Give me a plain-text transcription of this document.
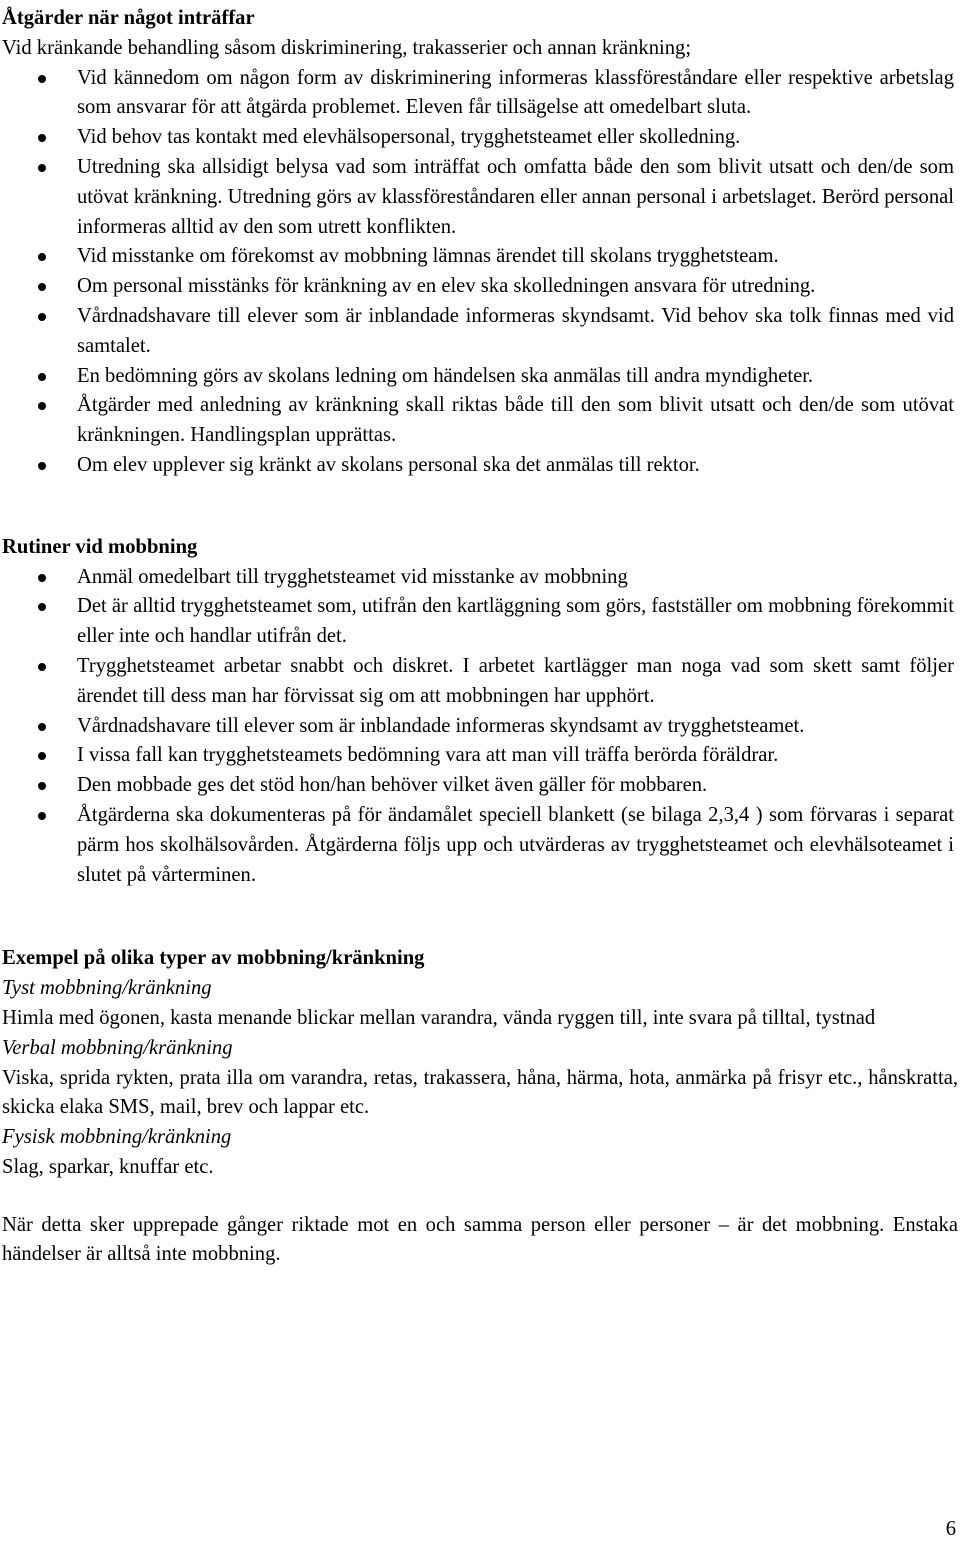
Åtgärder när något inträffar

Vid kränkande behandling såsom diskriminering, trakasserier och annan kränkning;

Vid kännedom om någon form av diskriminering informeras klassföreståndare eller respektive arbetslag som ansvarar för att åtgärda problemet. Eleven får tillsägelse att omedelbart sluta.
Vid behov tas kontakt med elevhälsopersonal, trygghetsteamet eller skolledning.
Utredning ska allsidigt belysa vad som inträffat och omfatta både den som blivit utsatt och den/de som utövat kränkning. Utredning görs av klassföreståndaren eller annan personal i arbetslaget. Berörd personal informeras alltid av den som utrett konflikten.
Vid misstanke om förekomst av mobbning lämnas ärendet till skolans trygghetsteam.
Om personal misstänks för kränkning av en elev ska skolledningen ansvara för utredning.
Vårdnadshavare till elever som är inblandade informeras skyndsamt. Vid behov ska tolk finnas med vid samtalet.
En bedömning görs av skolans ledning om händelsen ska anmälas till andra myndigheter.
Åtgärder med anledning av kränkning skall riktas både till den som blivit utsatt och den/de som utövat kränkningen. Handlingsplan upprättas.
Om elev upplever sig kränkt av skolans personal ska det anmälas till rektor.
Rutiner vid mobbning
Anmäl omedelbart till trygghetsteamet vid misstanke av mobbning
Det är alltid trygghetsteamet som, utifrån den kartläggning som görs, fastställer om mobbning förekommit eller inte och handlar utifrån det.
Trygghetsteamet arbetar snabbt och diskret. I arbetet kartlägger man noga vad som skett samt följer ärendet till dess man har förvissat sig om att mobbningen har upphört.
Vårdnadshavare till elever som är inblandade informeras skyndsamt av trygghetsteamet.
I vissa fall kan trygghetsteamets bedömning vara att man vill träffa berörda föräldrar.
Den mobbade ges det stöd hon/han behöver vilket även gäller för mobbaren.
Åtgärderna ska dokumenteras på för ändamålet speciell blankett (se bilaga 2,3,4 ) som förvaras i separat pärm hos skolhälsovården. Åtgärderna följs upp och utvärderas av trygghetsteamet och elevhälsoteamet i slutet på vårterminen.
Exempel på olika typer av mobbning/kränkning

Tyst mobbning/kränkning

Himla med ögonen, kasta menande blickar mellan varandra, vända ryggen till, inte svara på tilltal, tystnad

Verbal mobbning/kränkning

Viska, sprida rykten, prata illa om varandra, retas, trakassera, håna, härma, hota, anmärka på frisyr etc., hånskratta, skicka elaka SMS, mail, brev och lappar etc.

Fysisk mobbning/kränkning

Slag, sparkar, knuffar etc.

När detta sker upprepade gånger riktade mot en och samma person eller personer – är det mobbning. Enstaka händelser är alltså inte mobbning.

6
